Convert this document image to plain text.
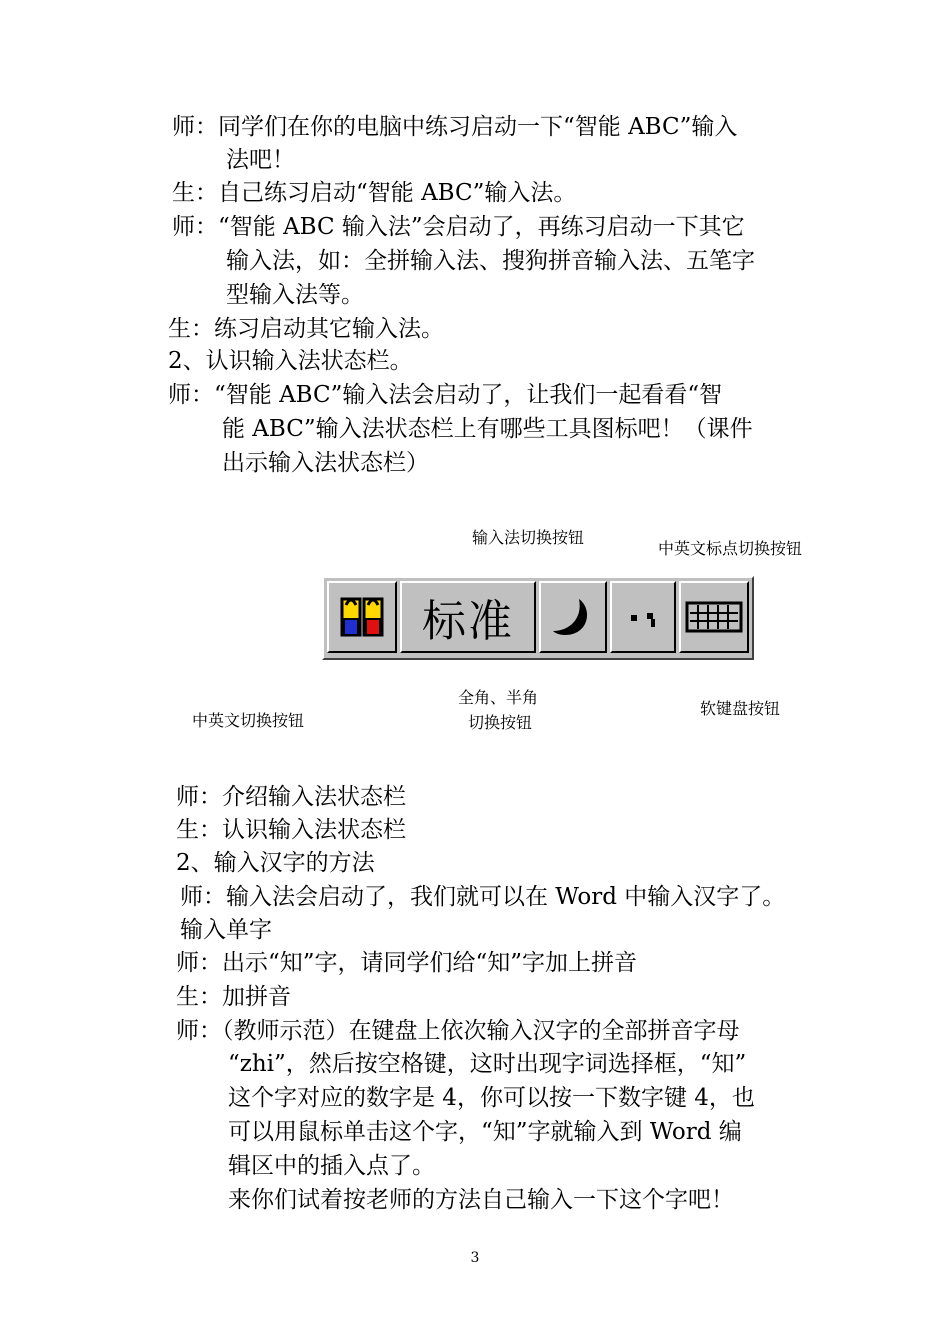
师：同学们在你的电脑中练习启动一下“智能 ABC”输入
法吧！
生：自己练习启动“智能 ABC”输入法。
师：“智能 ABC 输入法”会启动了，再练习启动一下其它
输入法，如：全拼输入法、搜狗拼音输入法、五笔字
型输入法等。
生：练习启动其它输入法。
2、认识输入法状态栏。
师：“智能 ABC”输入法会启动了，让我们一起看看“智
能 ABC”输入法状态栏上有哪些工具图标吧！（课件
出示输入法状态栏）
输入法切换按钮
中英文标点切换按钮
标准
中英文切换按钮
全角、半角
切换按钮
软键盘按钮
师：介绍输入法状态栏
生：认识输入法状态栏
2、输入汉字的方法
师：输入法会启动了，我们就可以在 Word 中输入汉字了。
输入单字
师：出示“知”字，请同学们给“知”字加上拼音
生：加拼音
师：（教师示范）在键盘上依次输入汉字的全部拼音字母
“zhi”，然后按空格键，这时出现字词选择框，“知”
这个字对应的数字是 4，你可以按一下数字键 4，也
可以用鼠标单击这个字，“知”字就输入到 Word 编
辑区中的插入点了。
来你们试着按老师的方法自己输入一下这个字吧！
3
